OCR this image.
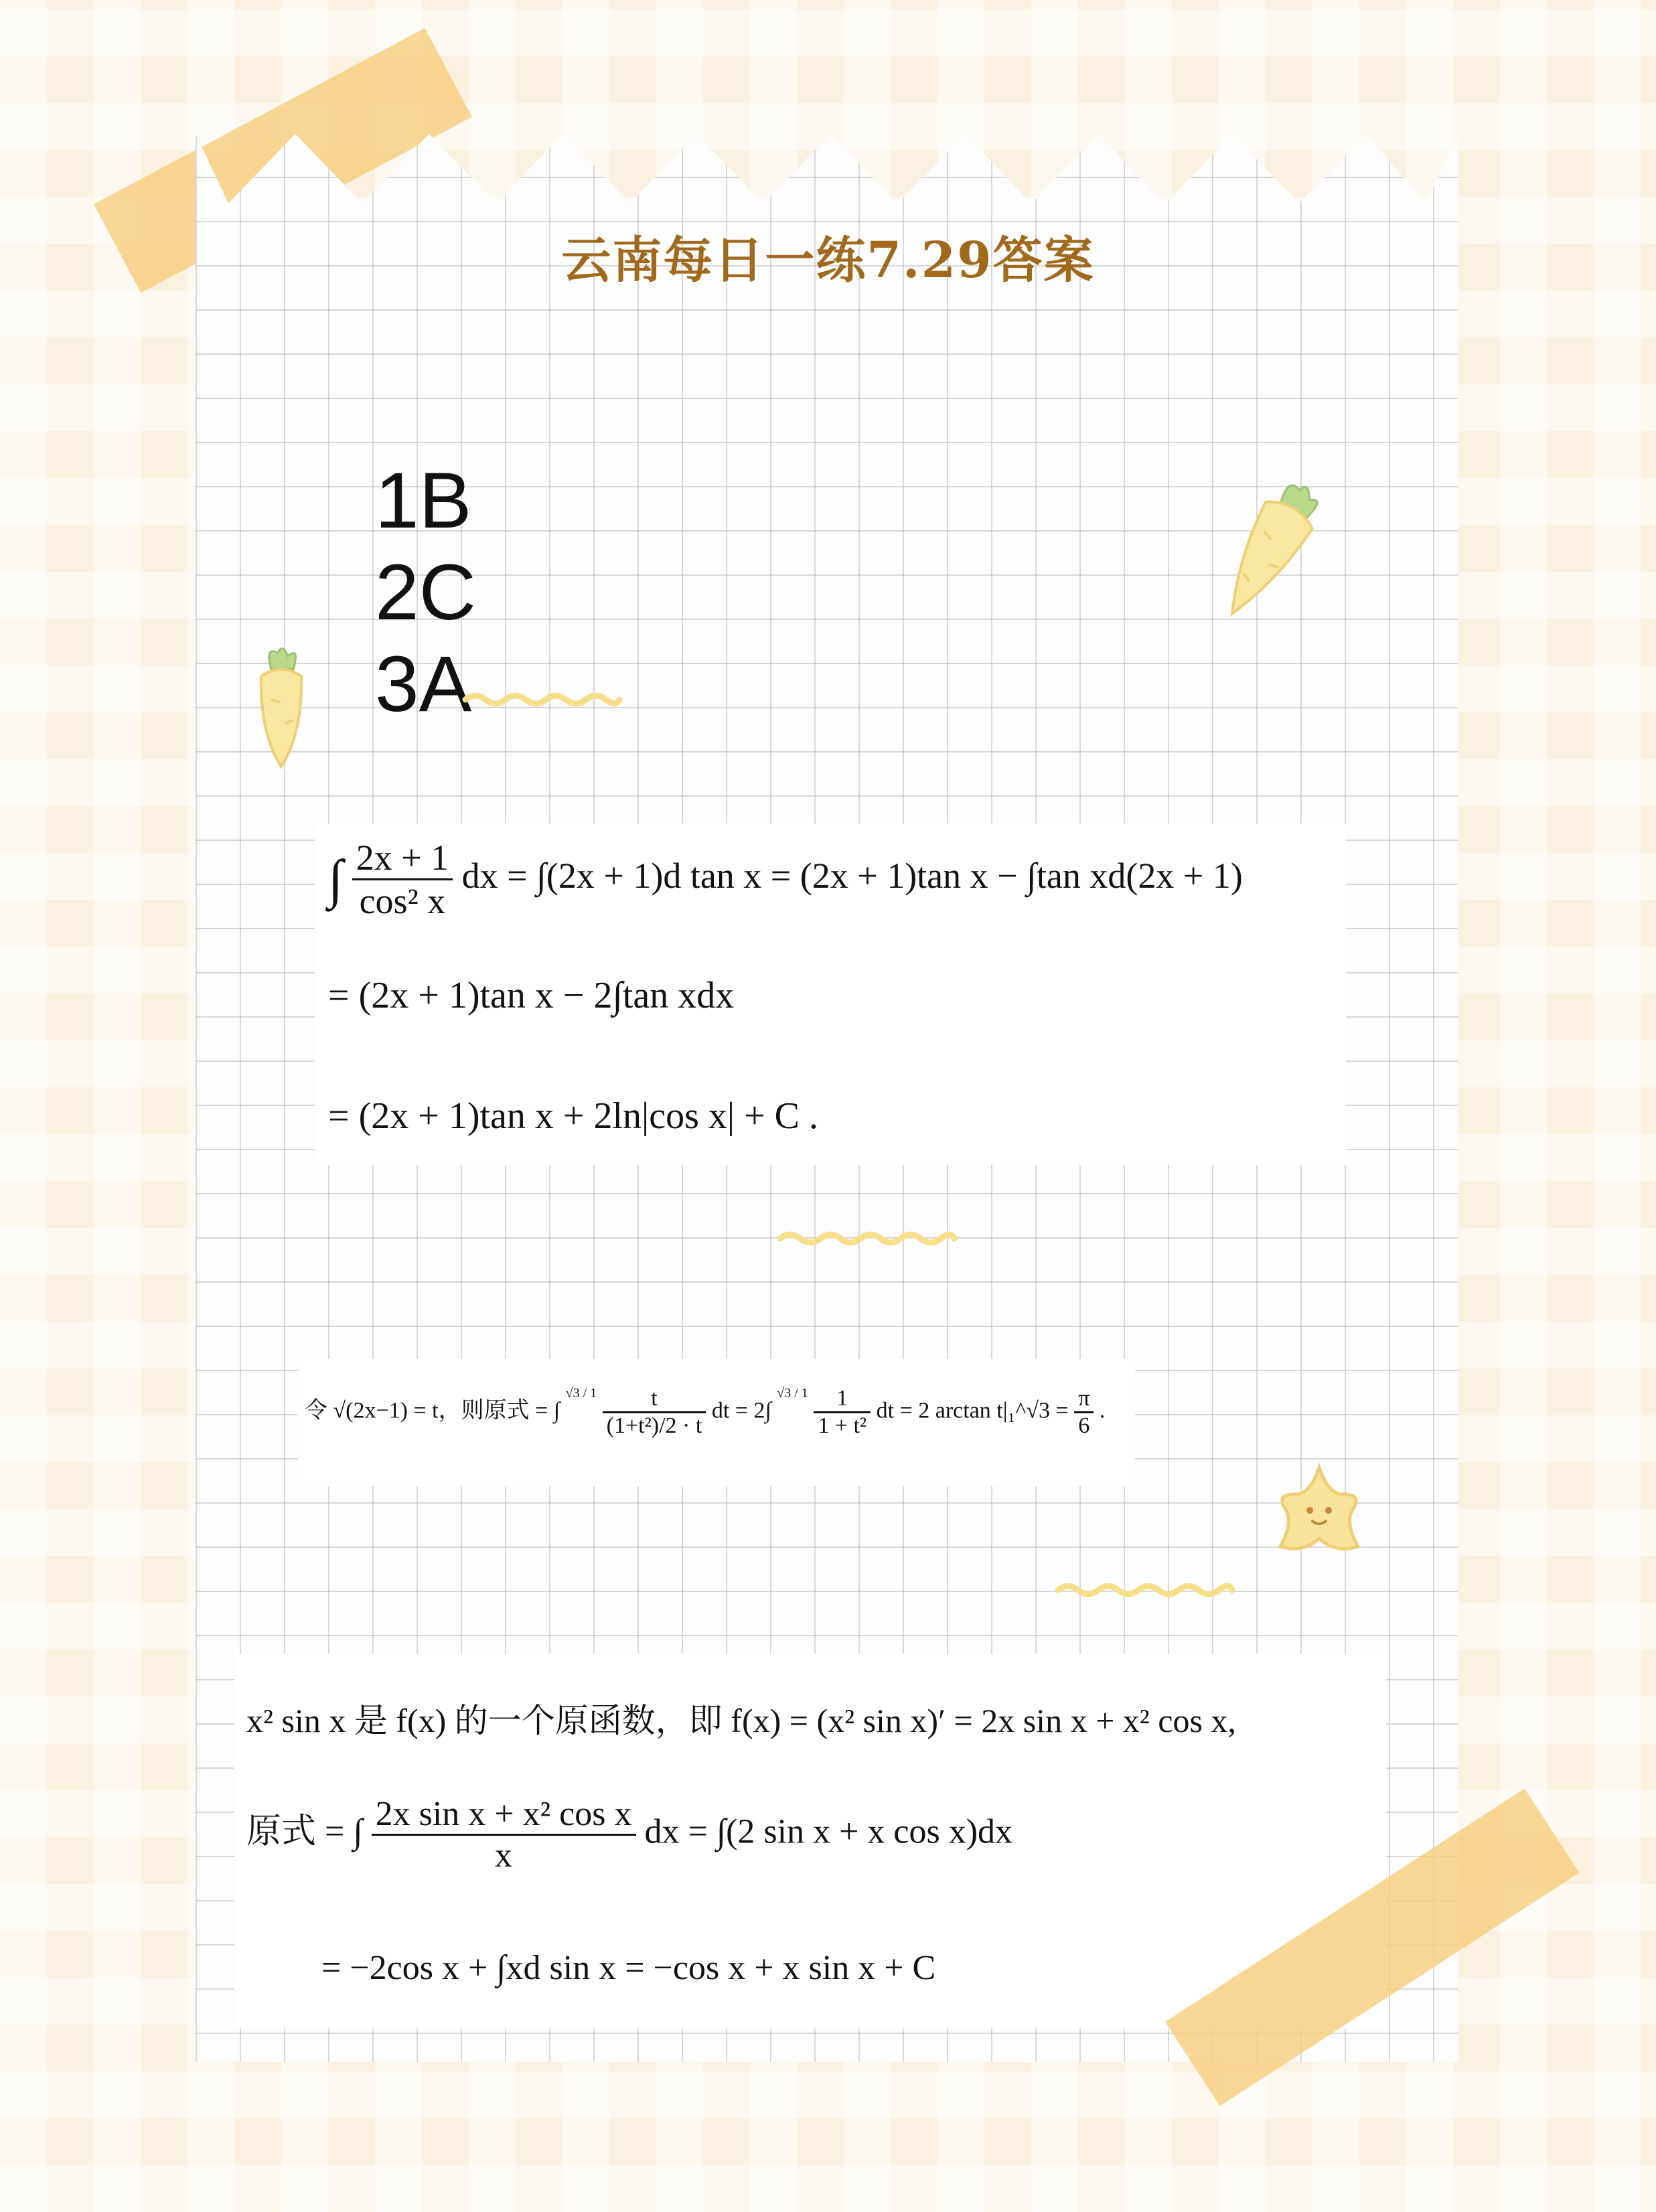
云南每日一练7.29答案
1B
2C
3A
∫ $\frac{2x + 1}{\text{cos² x}}$ dx = ∫(2x + 1)d tan x = (2x + 1)tan x − ∫tan xd(2x + 1)
= (2x + 1)tan x − 2∫tan xdx
= (2x + 1)tan x + 2ln|cos x| + C .
令 √(2x−1) = t，则原式 = ∫ $^{√3 / 1} \frac{t}{\text{(1+t²)/2 · t}}$ dt = 2∫ $^{√3 / 1} \frac{1}{\text{1 + t²}}$ dt = 2 arctan t|₁^√3 = $\frac{\pi}{6}$ .
x² sin x 是 f(x) 的一个原函数，即 f(x) = (x² sin x)′ = 2x sin x + x² cos x,
原式 = ∫ $\frac{\text{2x sin x + x² cos x}}{x}$ dx = ∫(2 sin x + x cos x)dx
= −2cos x + ∫xd sin x = −cos x + x sin x + C
